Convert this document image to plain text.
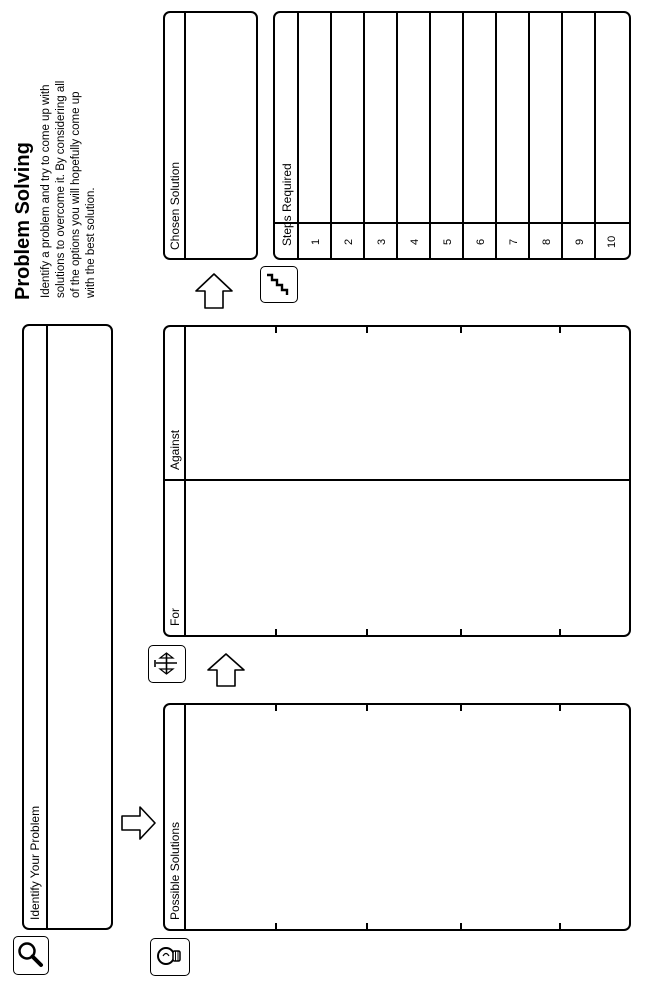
Problem Solving Identify a problem and try to come up with solutions to overcome it. By considering all of the options you will hopefully come up with the best solution.
Identify Your Problem	Possible Solutions
For
Against
Chosen Solution	Steps Required 1 2 3 4 5 6 7 8 9 10
